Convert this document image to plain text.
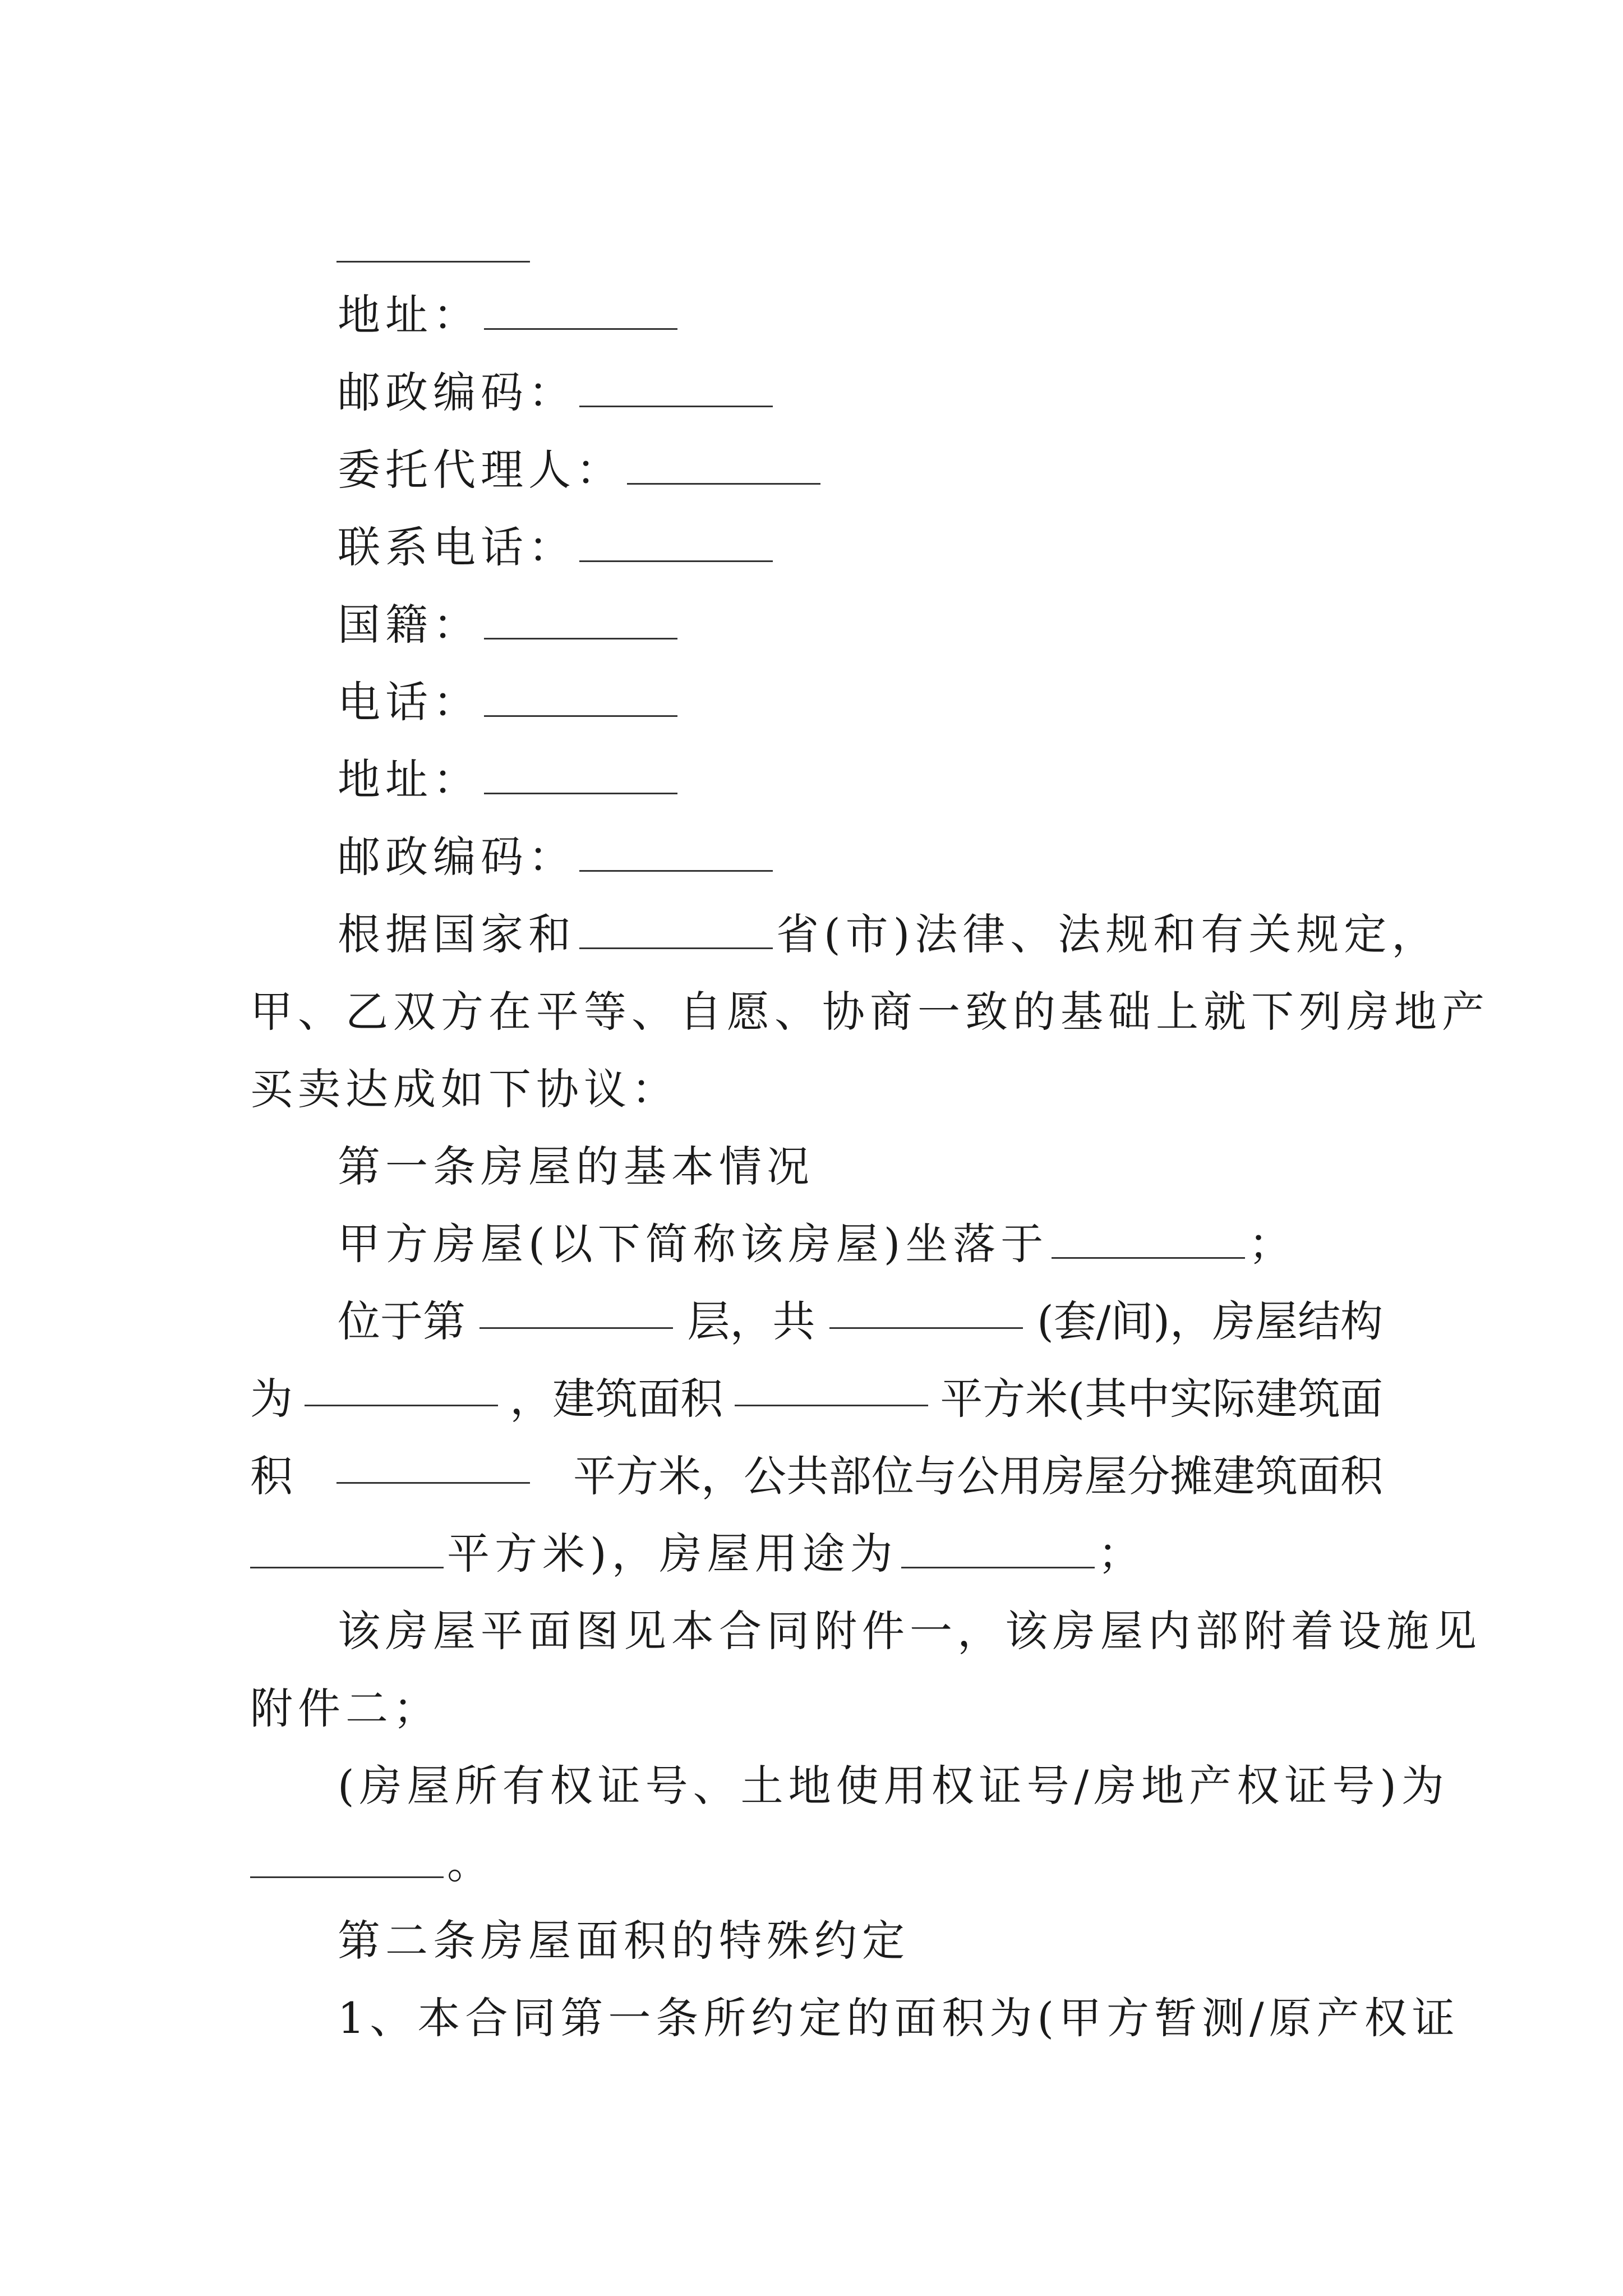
地址：
邮政编码：
委托代理人：
联系电话：
国籍：
电话：
地址：
邮政编码：
根据国家和	省(市)法律、法规和有关规定，
甲、乙双方在平等、自愿、协商一致的基础上就下列房地产
买卖达成如下协议：
第一条房屋的基本情况
甲方房屋(以下简称该房屋)坐落于	；
位于第	层，共	(套/间)，房屋结构
为	，建筑面积	平方米(其中实际建筑面
积	平方米，公共部位与公用房屋分摊建筑面积
平方米)，房屋用途为	；
该房屋平面图见本合同附件一，该房屋内部附着设施见
附件二；
(房屋所有权证号、土地使用权证号/房地产权证号)为
。
第二条房屋面积的特殊约定
1、本合同第一条所约定的面积为(甲方暂测/原产权证
